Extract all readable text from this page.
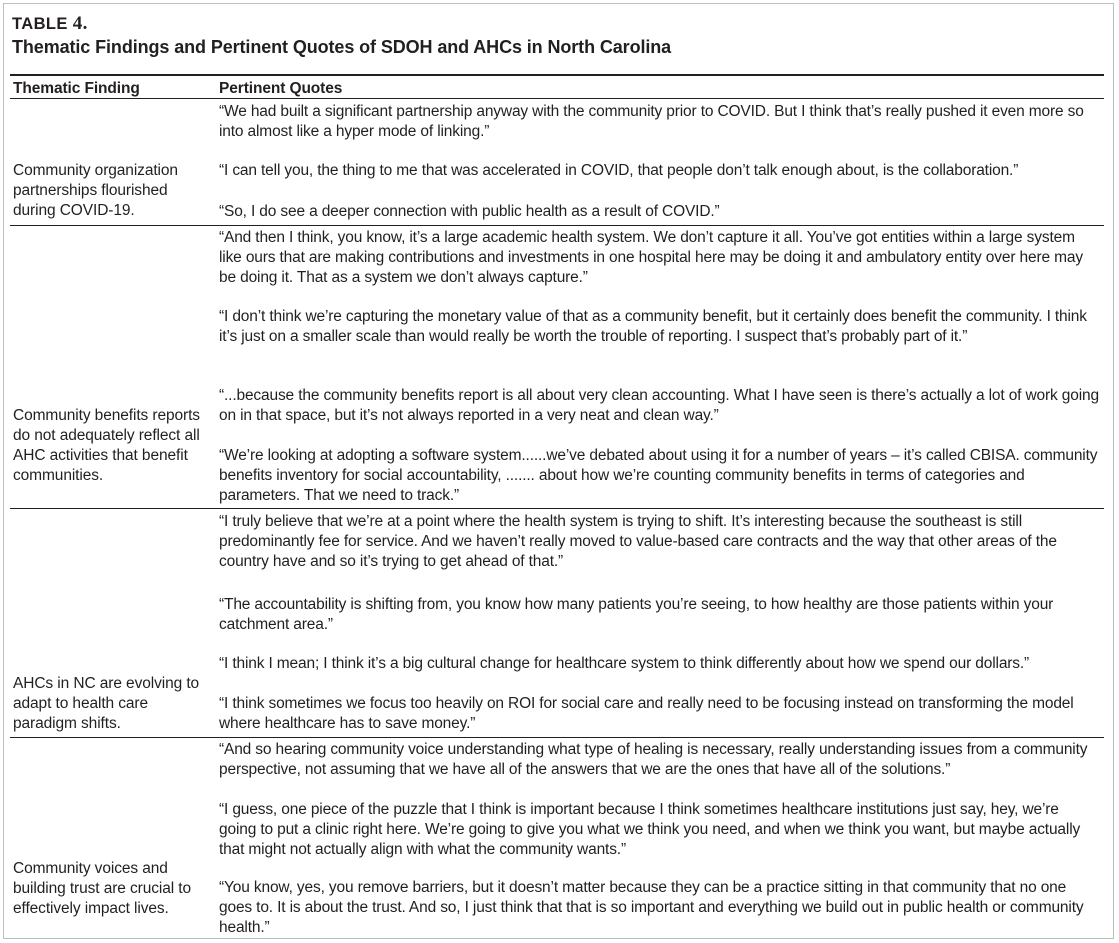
TABLE 4.
Thematic Findings and Pertinent Quotes of SDOH and AHCs in North Carolina
Thematic Finding	Pertinent Quotes
“We had built a significant partnership anyway with the community prior to COVID. But I think that’s really pushed it even more so into almost like a hyper mode of linking.”
“I can tell you, the thing to me that was accelerated in COVID, that people don’t talk enough about, is the collaboration.”
“So, I do see a deeper connection with public health as a result of COVID.”
Community organization partnerships flourished during COVID-19.
“And then I think, you know, it’s a large academic health system. We don’t capture it all. You’ve got entities within a large system like ours that are making contributions and investments in one hospital here may be doing it and ambulatory entity over here may be doing it. That as a system we don’t always capture.”
“I don’t think we’re capturing the monetary value of that as a community benefit, but it certainly does benefit the community. I think it’s just on a smaller scale than would really be worth the trouble of reporting. I suspect that’s probably part of it.”
“...because the community benefits report is all about very clean accounting. What I have seen is there’s actually a lot of work going on in that space, but it’s not always reported in a very neat and clean way.”
“We’re looking at adopting a software system......we’ve debated about using it for a number of years – it’s called CBISA. community benefits inventory for social accountability, ....... about how we’re counting community benefits in terms of categories and parameters. That we need to track.”
Community benefits reports do not adequately reflect all AHC activities that benefit communities.
“I truly believe that we’re at a point where the health system is trying to shift. It’s interesting because the southeast is still predominantly fee for service. And we haven’t really moved to value-based care contracts and the way that other areas of the country have and so it’s trying to get ahead of that.”
“The accountability is shifting from, you know how many patients you’re seeing, to how healthy are those patients within your catchment area.”
“I think I mean; I think it’s a big cultural change for healthcare system to think differently about how we spend our dollars.”
“I think sometimes we focus too heavily on ROI for social care and really need to be focusing instead on transforming the model where healthcare has to save money.”
AHCs in NC are evolving to adapt to health care paradigm shifts.
“And so hearing community voice understanding what type of healing is necessary, really understanding issues from a community perspective, not assuming that we have all of the answers that we are the ones that have all of the solutions.”
“I guess, one piece of the puzzle that I think is important because I think sometimes healthcare institutions just say, hey, we’re going to put a clinic right here. We’re going to give you what we think you need, and when we think you want, but maybe actually that might not actually align with what the community wants.”
“You know, yes, you remove barriers, but it doesn’t matter because they can be a practice sitting in that community that no one goes to. It is about the trust. And so, I just think that that is so important and everything we build out in public health or community health.”
Community voices and building trust are crucial to effectively impact lives.
